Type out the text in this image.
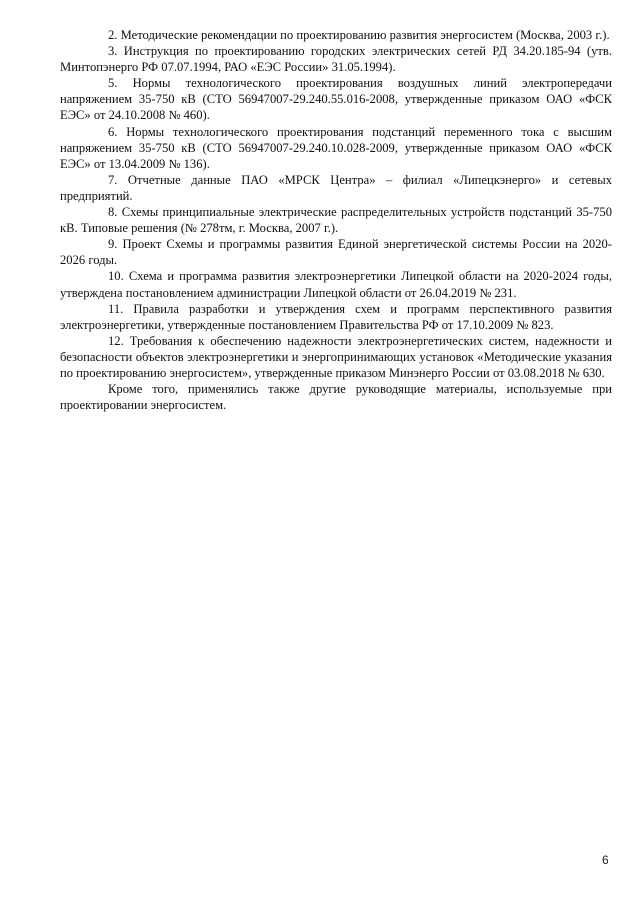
2. Методические рекомендации по проектированию развития энергосистем (Москва, 2003 г.).

3. Инструкция по проектированию городских электрических сетей РД 34.20.185-94 (утв. Минтопэнерго РФ 07.07.1994, РАО «ЕЭС России» 31.05.1994).

5. Нормы технологического проектирования воздушных линий электропередачи напряжением 35-750 кВ (СТО 56947007-29.240.55.016-2008, утвержденные приказом ОАО «ФСК ЕЭС» от 24.10.2008 № 460).

6. Нормы технологического проектирования подстанций переменного тока с высшим напряжением 35-750 кВ (СТО 56947007-29.240.10.028-2009, утвержденные приказом ОАО «ФСК ЕЭС» от 13.04.2009 № 136).

7. Отчетные данные ПАО «МРСК Центра» – филиал «Липецкэнерго» и сетевых предприятий.

8. Схемы принципиальные электрические распределительных устройств подстанций 35-750 кВ. Типовые решения (№ 278тм, г. Москва, 2007 г.).

9. Проект Схемы и программы развития Единой энергетической системы России на 2020-2026 годы.

10. Схема и программа развития электроэнергетики Липецкой области на 2020-2024 годы, утверждена постановлением администрации Липецкой области от 26.04.2019 № 231.

11. Правила разработки и утверждения схем и программ перспективного развития электроэнергетики, утвержденные постановлением Правительства РФ от 17.10.2009 № 823.

12. Требования к обеспечению надежности электроэнергетических систем, надежности и безопасности объектов электроэнергетики и энергопринимающих установок «Методические указания по проектированию энергосистем», утвержденные приказом Минэнерго России от 03.08.2018 № 630.

Кроме того, применялись также другие руководящие материалы, используемые при проектировании энергосистем.

6
